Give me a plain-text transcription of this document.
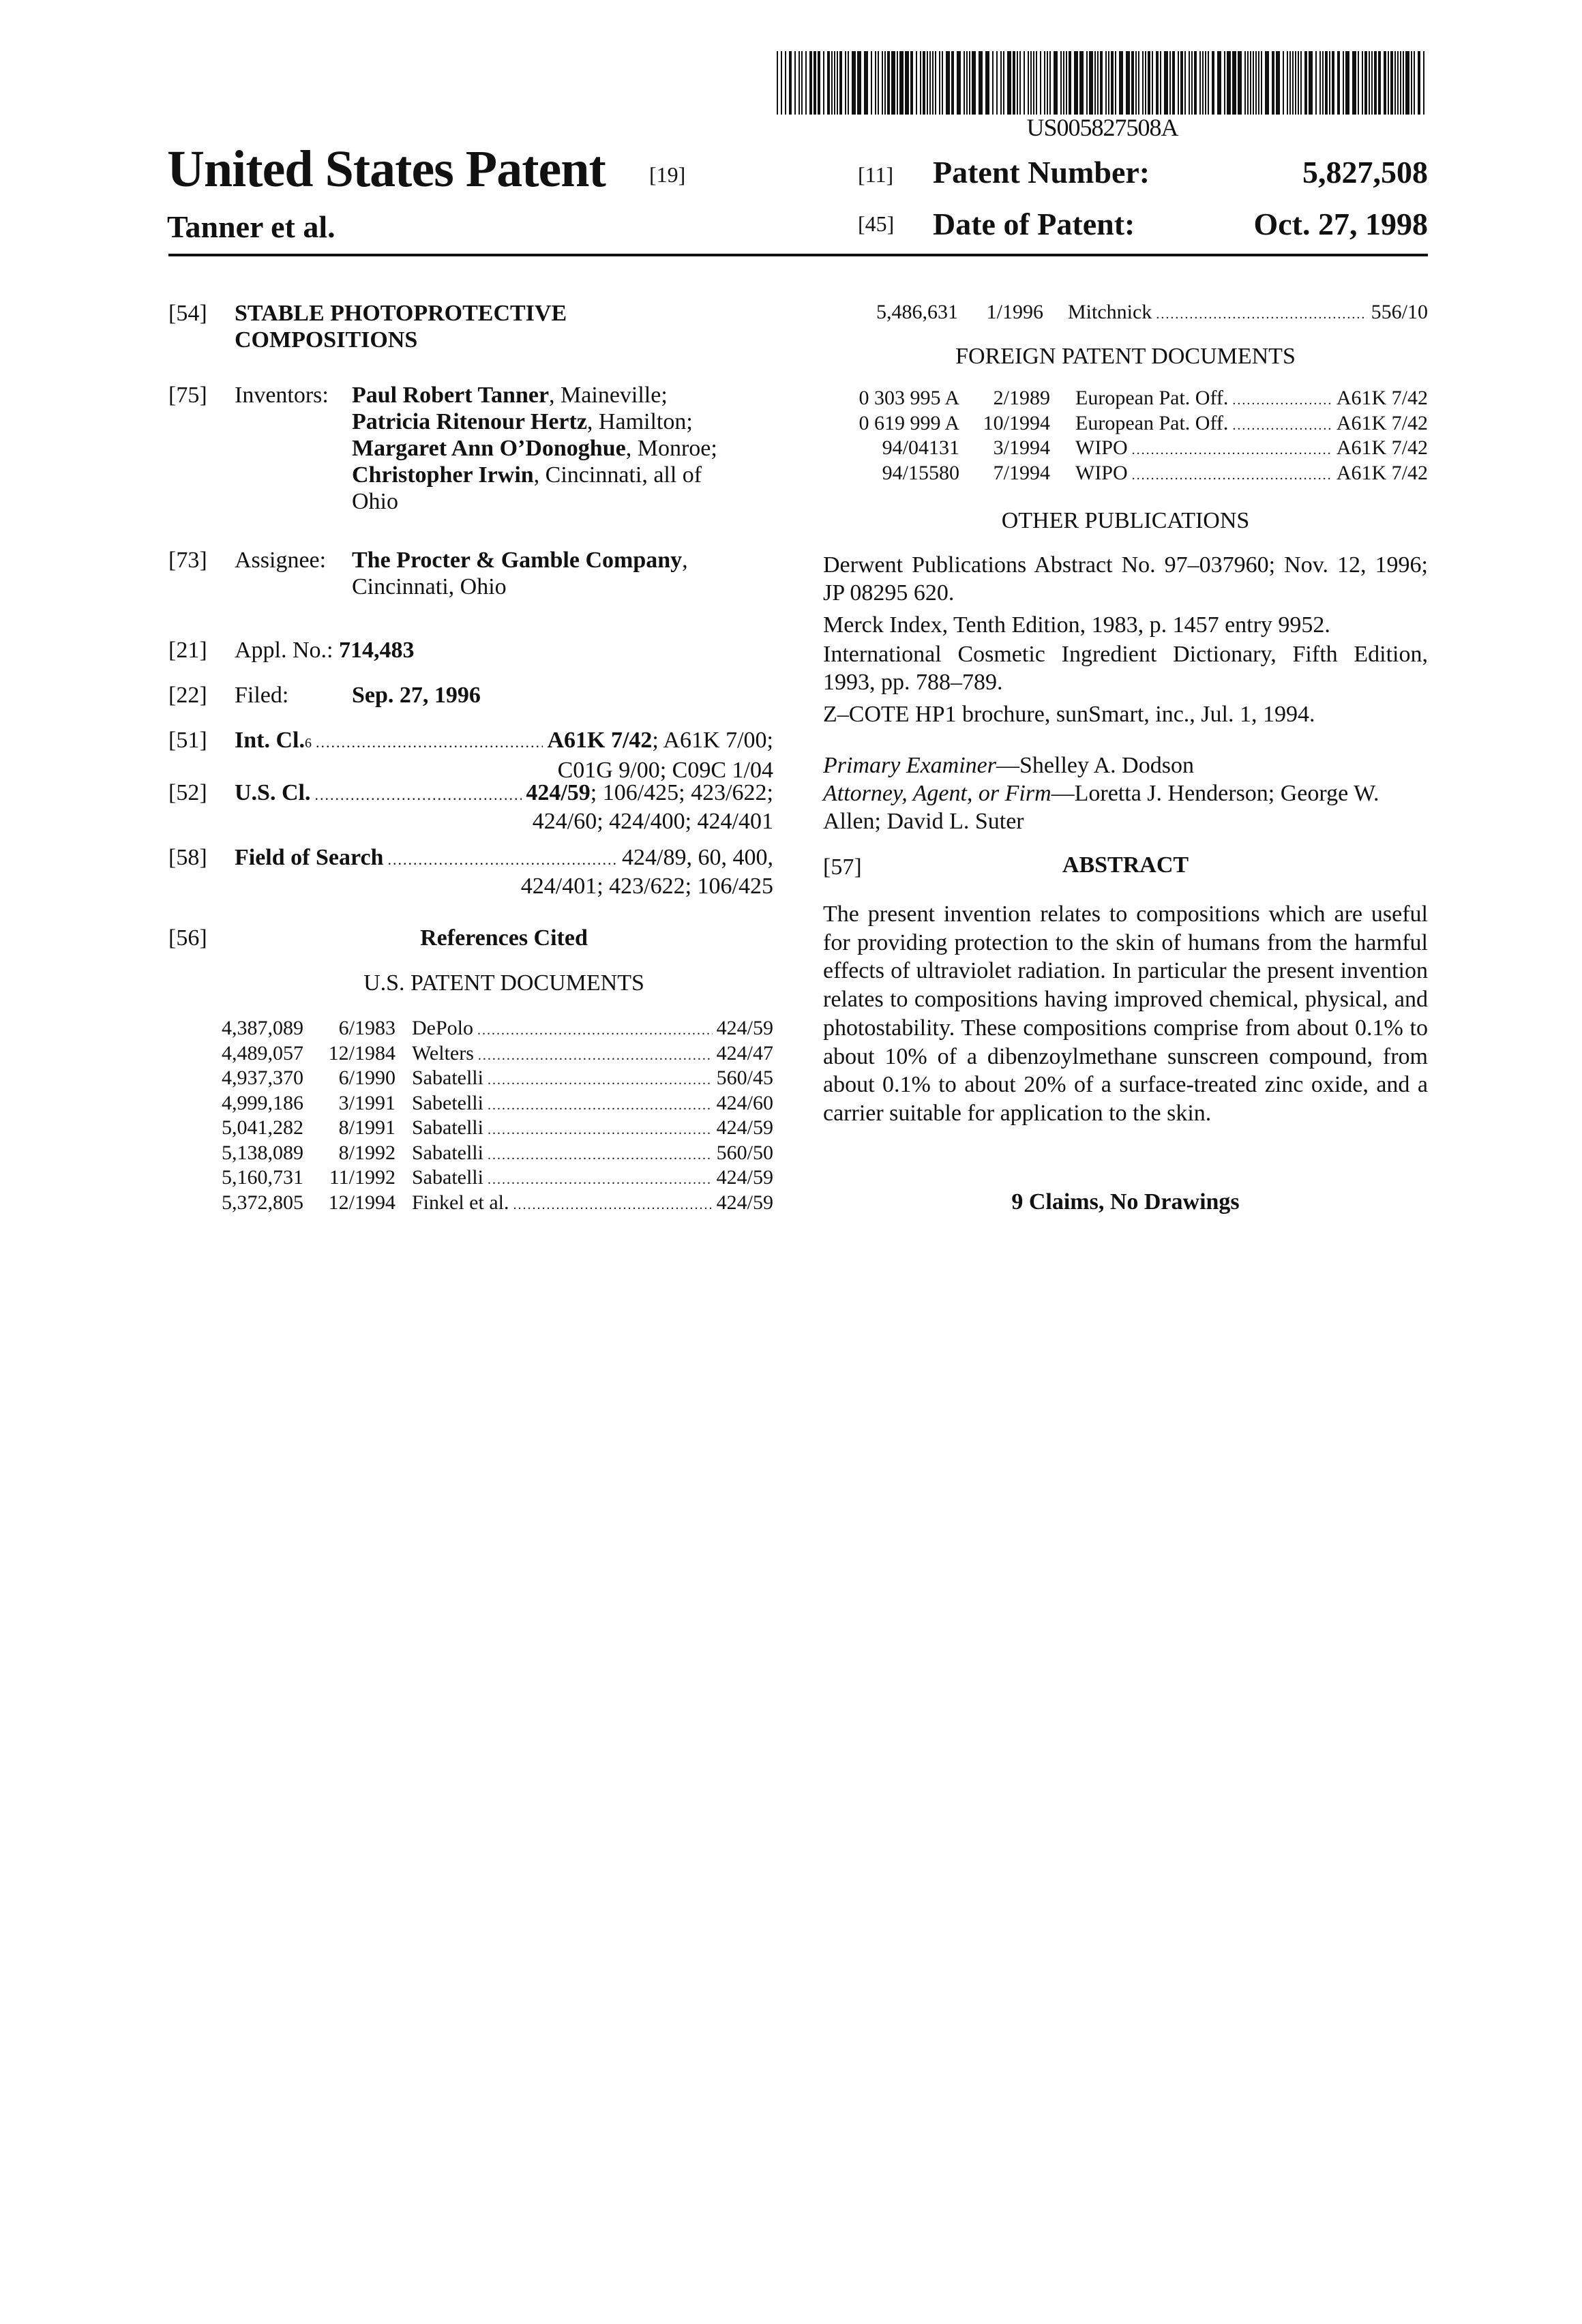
US005827508A
United States Patent [19]
Tanner et al.
[11] Patent Number:	5,827,508
[45] Date of Patent:	Oct. 27, 1998
[54] STABLE PHOTOPROTECTIVE
COMPOSITIONS
[75] Inventors: Paul Robert Tanner, Maineville;
Patricia Ritenour Hertz, Hamilton;
Margaret Ann O’Donoghue, Monroe;
Christopher Irwin, Cincinnati, all of
Ohio
[73] Assignee: The Procter & Gamble Company,
Cincinnati, Ohio
[21] Appl. No.: 714,483
[22] Filed:	Sep. 27, 1996
[51] Int. Cl. 6
.....	A61K 7/42 ; A61K 7/00;
C01G 9/00; C09C 1/04
[52] U.S. Cl.
.....	424/59 ; 106/425; 423/622;
424/60; 424/400; 424/401
[58] Field of Search
.....	424/89, 60, 400,
424/401; 423/622; 106/425
[56]	References Cited
U.S. PATENT DOCUMENTS
4,387,089 6/1983 DePolo
.....	424/59
4,489,057 12/1984 Welters
.....	424/47
4,937,370 6/1990 Sabatelli
.....	560/45
4,999,186 3/1991 Sabetelli
.....	424/60
5,041,282 8/1991 Sabatelli
.....	424/59
5,138,089 8/1992 Sabatelli
.....	560/50
5,160,731 11/1992 Sabatelli
.....	424/59
5,372,805 12/1994 Finkel et al.
.....	424/59
5,486,631 1/1996 Mitchnick
.....	556/10
FOREIGN PATENT DOCUMENTS
0 303 995 A 2/1989 European Pat. Off.
.....	A61K 7/42
0 619 999 A 10/1994 European Pat. Off.
.....	A61K 7/42
94/04131 3/1994 WIPO
.....	A61K 7/42
94/15580 7/1994 WIPO
.....	A61K 7/42
OTHER PUBLICATIONS

Derwent Publications Abstract No. 97–037960; Nov. 12, 1996; JP 08295 620.

Merck Index, Tenth Edition, 1983, p. 1457 entry 9952.

International Cosmetic Ingredient Dictionary, Fifth Edition, 1993, pp. 788–789.

Z–COTE HP1 brochure, sunSmart, inc., Jul. 1, 1994.

Primary Examiner—Shelley A. Dodson
Attorney, Agent, or Firm—Loretta J. Henderson; George W. Allen; David L. Suter
[57]	ABSTRACT

The present invention relates to compositions which are useful for providing protection to the skin of humans from the harmful effects of ultraviolet radiation. In particular the present invention relates to compositions having improved chemical, physical, and photostability. These compositions comprise from about 0.1% to about 10% of a dibenzoylmethane sunscreen compound, from about 0.1% to about 20% of a surface-treated zinc oxide, and a carrier suitable for application to the skin.

9 Claims, No Drawings
